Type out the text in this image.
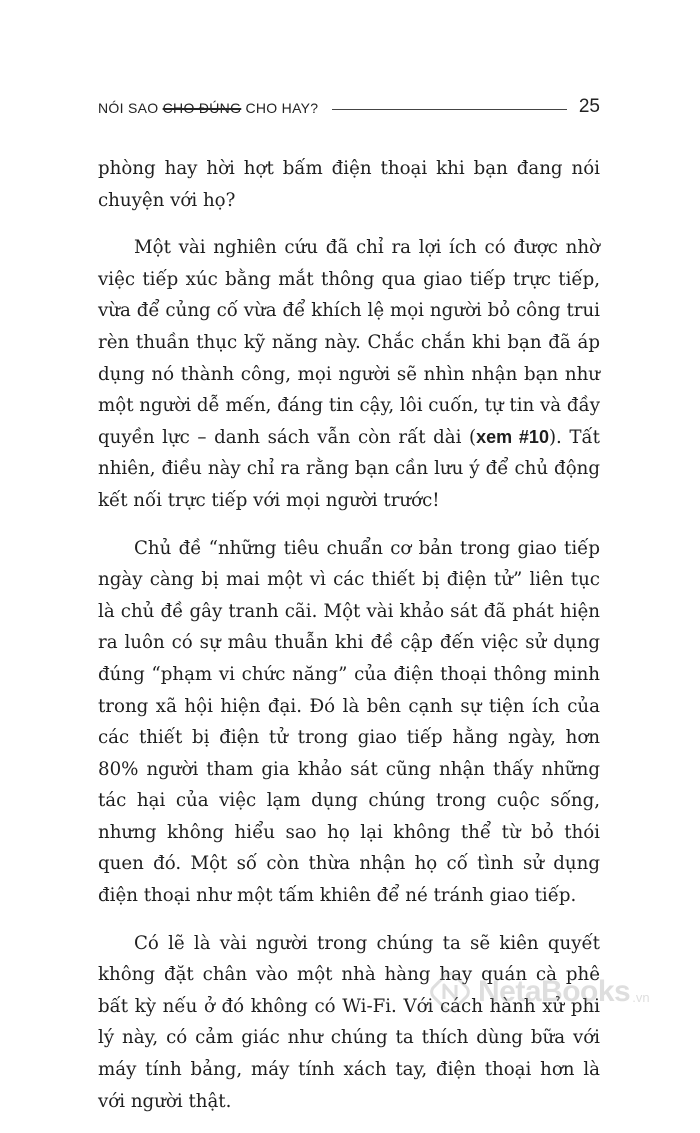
NÓI SAO CHO ĐÚNG CHO HAY?	25

phòng hay hời hợt bấm điện thoại khi bạn đang nói chuyện với họ?

Một vài nghiên cứu đã chỉ ra lợi ích có được nhờ việc tiếp xúc bằng mắt thông qua giao tiếp trực tiếp, vừa để củng cố vừa để khích lệ mọi người bỏ công trui rèn thuần thục kỹ năng này. Chắc chắn khi bạn đã áp dụng nó thành công, mọi người sẽ nhìn nhận bạn như một người dễ mến, đáng tin cậy, lôi cuốn, tự tin và đầy quyền lực – danh sách vẫn còn rất dài (xem #10). Tất nhiên, điều này chỉ ra rằng bạn cần lưu ý để chủ động kết nối trực tiếp với mọi người trước!

Chủ đề “những tiêu chuẩn cơ bản trong giao tiếp ngày càng bị mai một vì các thiết bị điện tử” liên tục là chủ đề gây tranh cãi. Một vài khảo sát đã phát hiện ra luôn có sự mâu thuẫn khi đề cập đến việc sử dụng đúng “phạm vi chức năng” của điện thoại thông minh trong xã hội hiện đại. Đó là bên cạnh sự tiện ích của các thiết bị điện tử trong giao tiếp hằng ngày, hơn 80% người tham gia khảo sát cũng nhận thấy những tác hại của việc lạm dụng chúng trong cuộc sống, nhưng không hiểu sao họ lại không thể từ bỏ thói quen đó. Một số còn thừa nhận họ cố tình sử dụng điện thoại như một tấm khiên để né tránh giao tiếp.

Có lẽ là vài người trong chúng ta sẽ kiên quyết không đặt chân vào một nhà hàng hay quán cà phê bất kỳ nếu ở đó không có Wi-Fi. Với cách hành xử phi lý này, có cảm giác như chúng ta thích dùng bữa với máy tính bảng, máy tính xách tay, điện thoại hơn là với người thật.

NetaBooks .vn
